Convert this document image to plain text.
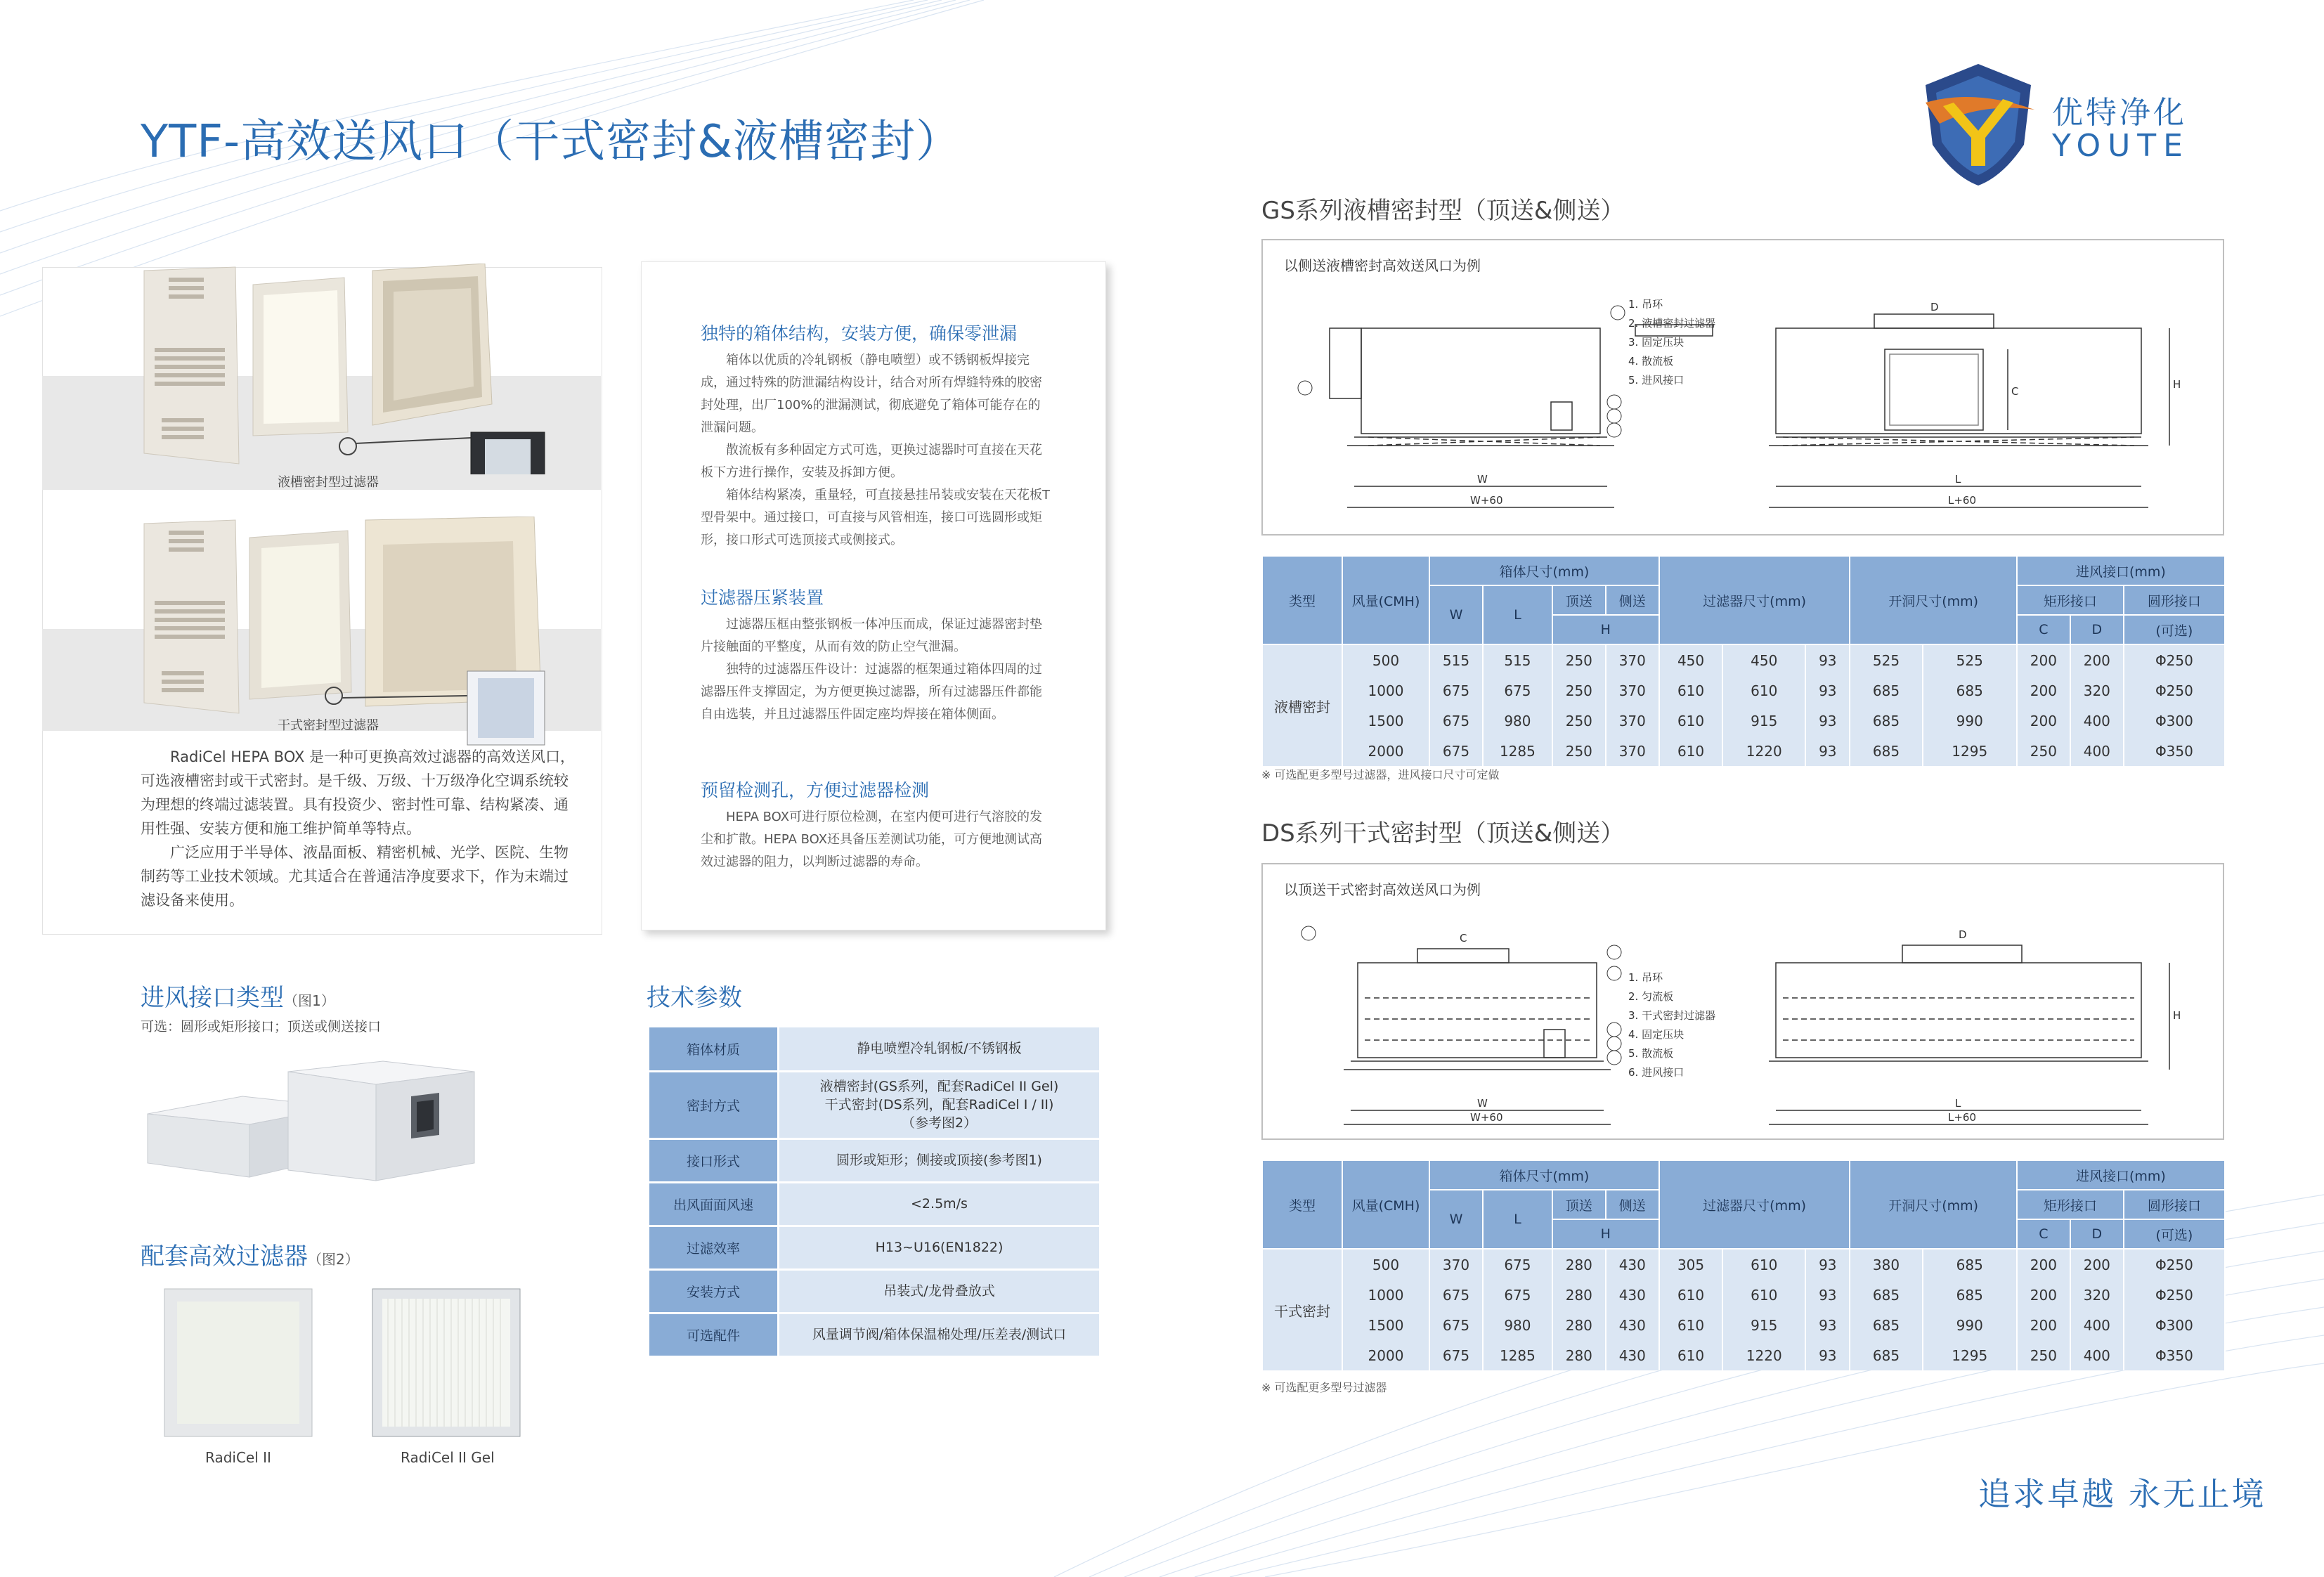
YTF-高效送风口（干式密封&液槽密封）
优特净化
YOUTE
液槽密封型过滤器
干式密封型过滤器

RadiCel HEPA BOX 是一种可更换高效过滤器的高效送风口，可选液槽密封或干式密封。是千级、万级、十万级净化空调系统较为理想的终端过滤装置。具有投资少、密封性可靠、结构紧凑、通用性强、安装方便和施工维护简单等特点。

广泛应用于半导体、液晶面板、精密机械、光学、医院、生物制药等工业技术领域。尤其适合在普通洁净度要求下，作为末端过滤设备来使用。

独特的箱体结构，安装方便，确保零泄漏

箱体以优质的冷轧钢板（静电喷塑）或不锈钢板焊接完成，通过特殊的防泄漏结构设计，结合对所有焊缝特殊的胶密封处理，出厂100%的泄漏测试，彻底避免了箱体可能存在的泄漏问题。

散流板有多种固定方式可选，更换过滤器时可直接在天花板下方进行操作，安装及拆卸方便。

箱体结构紧凑，重量轻，可直接悬挂吊装或安装在天花板T型骨架中。通过接口，可直接与风管相连，接口可选圆形或矩形，接口形式可选顶接式或侧接式。

过滤器压紧装置

过滤器压框由整张钢板一体冲压而成，保证过滤器密封垫片接触面的平整度，从而有效的防止空气泄漏。

独特的过滤器压件设计：过滤器的框架通过箱体四周的过滤器压件支撑固定，为方便更换过滤器，所有过滤器压件都能自由选装，并且过滤器压件固定座均焊接在箱体侧面。

预留检测孔，方便过滤器检测

HEPA BOX可进行原位检测，在室内便可进行气溶胶的发尘和扩散。HEPA BOX还具备压差测试功能，可方便地测试高效过滤器的阻力，以判断过滤器的寿命。

进风接口类型（图1）
可选：圆形或矩形接口；顶送或侧送接口
配套高效过滤器（图2）
RadiCel II	RadiCel II Gel
技术参数
箱体材质	静电喷塑冷轧钢板/不锈钢板
密封方式	液槽密封(GS系列，配套RadiCel II Gel)
干式密封(DS系列，配套RadiCel I / II)
（参考图2）
接口形式	圆形或矩形；侧接或顶接(参考图1)
出风面面风速	<2.5m/s
过滤效率	H13~U16(EN1822)
安装方式	吊装式/龙骨叠放式
可选配件	风量调节阀/箱体保温棉处理/压差表/测试口
GS系列液槽密封型（顶送&侧送）
以侧送液槽密封高效送风口为例
W
W+60
L
L+60
D
C
H
1. 吊环
2. 液槽密封过滤器
3. 固定压块
4. 散流板
5. 进风接口
类型	风量(CMH)	箱体尺寸(mm)				过滤器尺寸(mm)			开洞尺寸(mm)		进风接口(mm)		
		W	L	顶送	侧送						矩形接口		圆形接口
				H							C	D	(可选)
液槽密封	500	515	515	250	370	450	450	93	525	525	200	200	Φ250
	1000	675	675	250	370	610	610	93	685	685	200	320	Φ250
	1500	675	980	250	370	610	915	93	685	990	200	400	Φ300
	2000	675	1285	250	370	610	1220	93	685	1295	250	400	Φ350
※ 可选配更多型号过滤器，进风接口尺寸可定做
DS系列干式密封型（顶送&侧送）
以顶送干式密封高效送风口为例
C	D
W
W+60
L
L+60
H
1. 吊环
2. 匀流板
3. 干式密封过滤器
4. 固定压块
5. 散流板
6. 进风接口
类型	风量(CMH)	箱体尺寸(mm)				过滤器尺寸(mm)			开洞尺寸(mm)		进风接口(mm)		
		W	L	顶送	侧送						矩形接口		圆形接口
				H							C	D	(可选)
干式密封	500	370	675	280	430	305	610	93	380	685	200	200	Φ250
	1000	675	675	280	430	610	610	93	685	685	200	320	Φ250
	1500	675	980	280	430	610	915	93	685	990	200	400	Φ300
	2000	675	1285	280	430	610	1220	93	685	1295	250	400	Φ350
※ 可选配更多型号过滤器
追求卓越 永无止境
